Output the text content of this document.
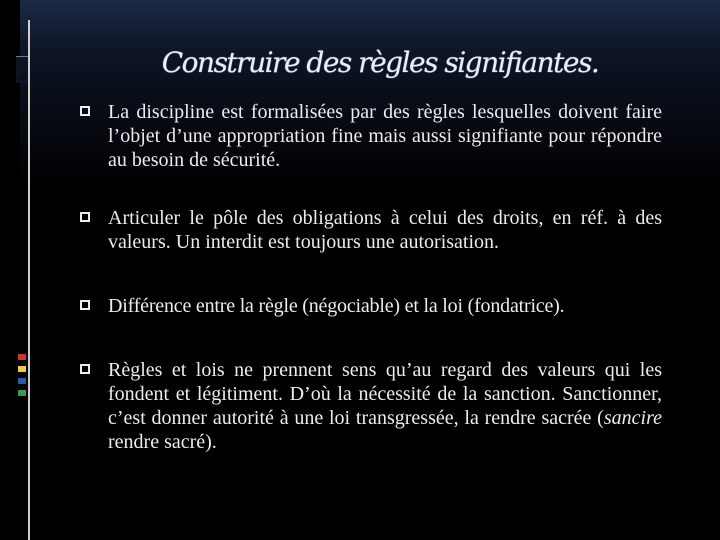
Construire des règles signifiantes.
La discipline est formalisées par des règles lesquelles doivent faire l’objet d’une appropriation fine mais aussi signifiante pour répondre au besoin de sécurité.
Articuler le pôle des obligations à celui des droits, en réf. à des valeurs. Un interdit est toujours une autorisation.
Différence entre la règle (négociable) et la loi (fondatrice).
Règles et lois ne prennent sens qu’au regard des valeurs qui les fondent et légitiment. D’où la nécessité de la sanction. Sanctionner, c’est donner autorité à une loi transgressée, la rendre sacrée (sancire rendre sacré).
